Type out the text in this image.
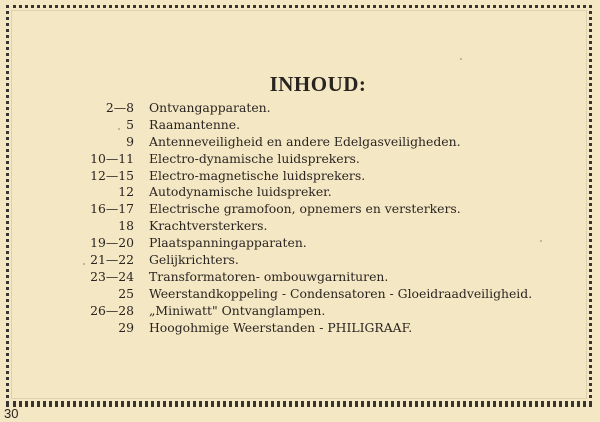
INHOUD:
2—8	Ontvangapparaten.
5	Raamantenne.
9	Antenneveiligheid en andere Edelgasveiligheden.
10—11	Electro-dynamische luidsprekers.
12—15	Electro-magnetische luidsprekers.
12	Autodynamische luidspreker.
16—17	Electrische gramofoon, opnemers en versterkers.
18	Krachtversterkers.
19—20	Plaatspanningapparaten.
21—22	Gelijkrichters.
23—24	Transformatoren- ombouwgarnituren.
25	Weerstandkoppeling - Condensatoren - Gloeidraadveiligheid.
26—28	„Miniwatt" Ontvanglampen.
29	Hoogohmige Weerstanden - PHILIGRAAF.
30
